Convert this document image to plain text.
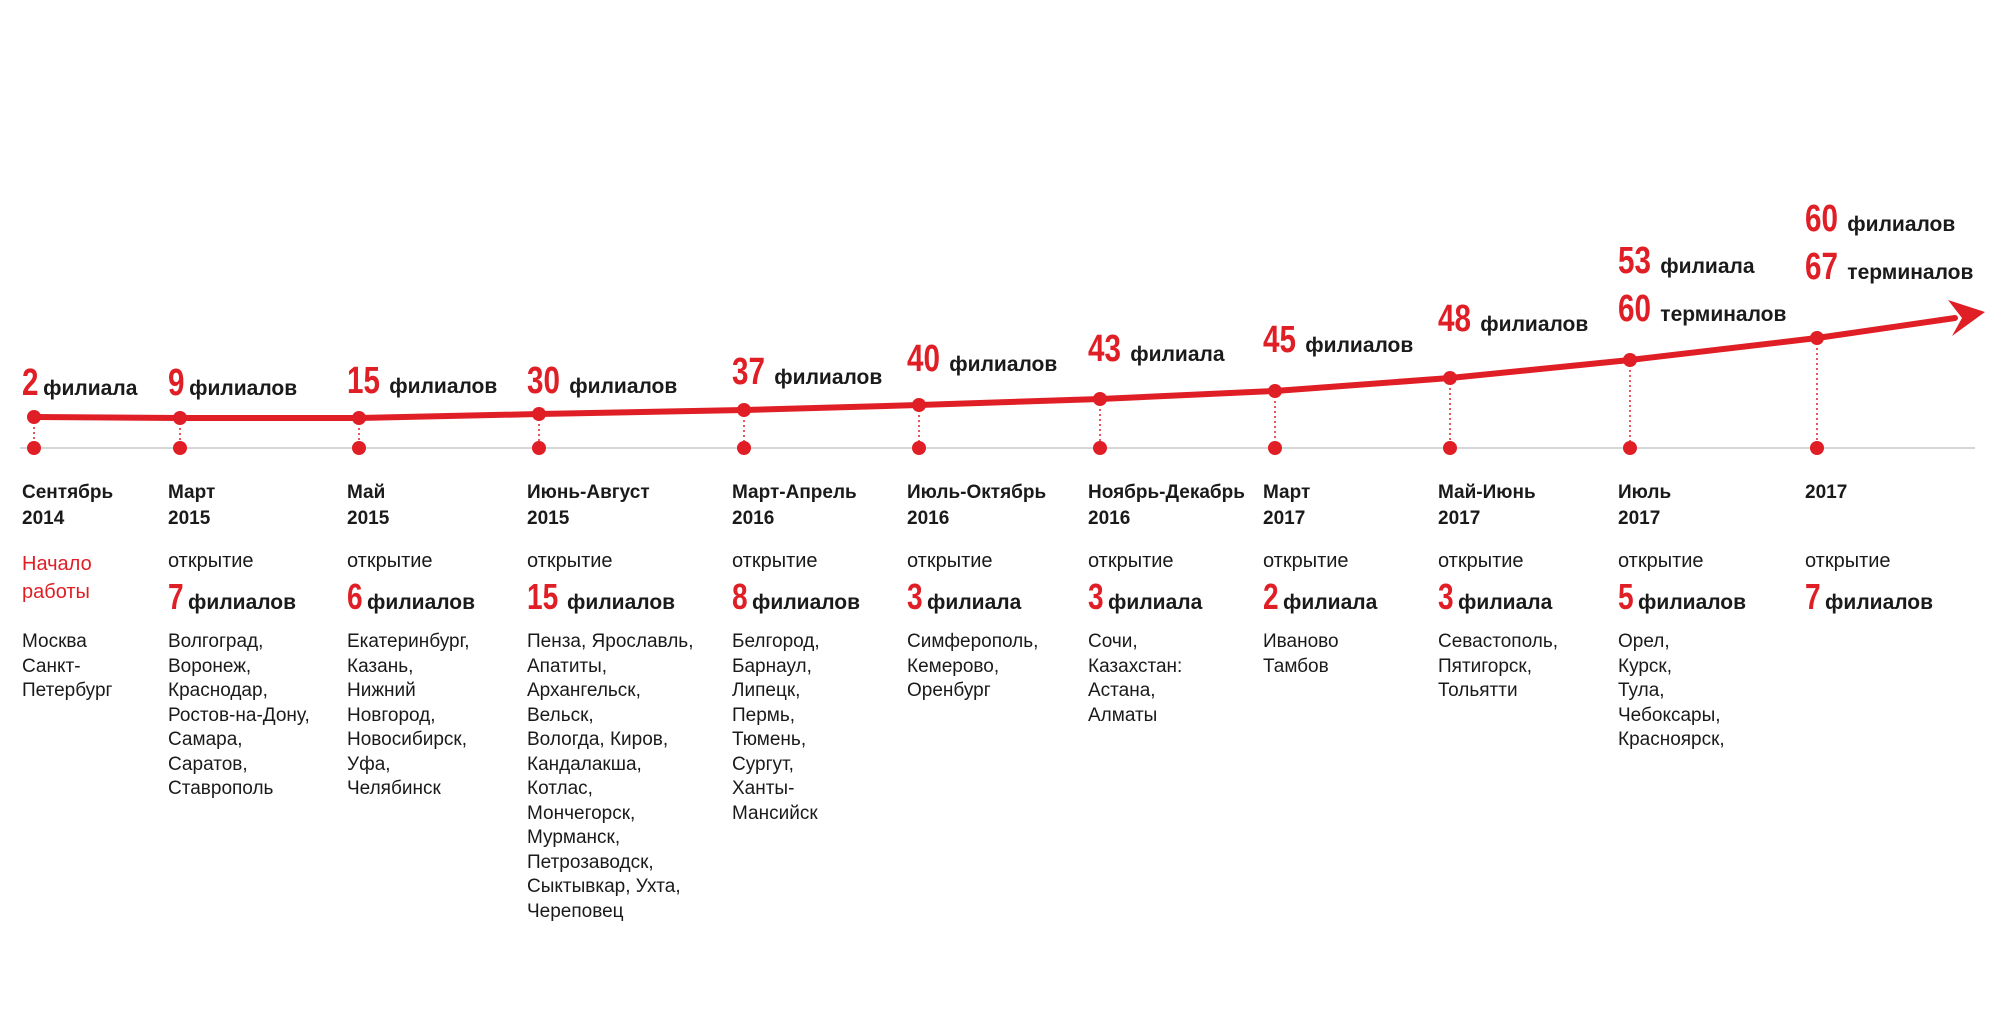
2 филиала
Сентябрь
2014
Начало
работы
Москва
Санкт-
Петербург
9 филиалов
Март
2015
открытие
7 филиалов
Волгоград,
Воронеж,
Краснодар,
Ростов-на-Дону,
Самара,
Саратов,
Ставрополь
15 филиалов
Май
2015
открытие
6 филиалов
Екатеринбург,
Казань,
Нижний
Новгород,
Новосибирск,
Уфа,
Челябинск
30 филиалов
Июнь-Август
2015
открытие
15 филиалов
Пенза, Ярославль,
Апатиты,
Архангельск,
Вельск,
Вологда, Киров,
Кандалакша,
Котлас,
Мончегорск,
Мурманск,
Петрозаводск,
Сыктывкар, Ухта,
Череповец
37 филиалов
Март-Апрель
2016
открытие
8 филиалов
Белгород,
Барнаул,
Липецк,
Пермь,
Тюмень,
Сургут,
Ханты-
Мансийск
40 филиалов
Июль-Октябрь
2016
открытие
3 филиала
Симферополь,
Кемерово,
Оренбург
43 филиала
Ноябрь-Декабрь
2016
открытие
3 филиала
Сочи,
Казахстан:
Астана,
Алматы
45 филиалов
Март
2017
открытие
2 филиала
Иваново
Тамбов
48 филиалов
Май-Июнь
2017
открытие
3 филиала
Севастополь,
Пятигорск,
Тольятти
53 филиала
60 терминалов
Июль
2017
открытие
5 филиалов
Орел,
Курск,
Тула,
Чебоксары,
Красноярск,
60 филиалов
67 терминалов
2017
открытие
7 филиалов
